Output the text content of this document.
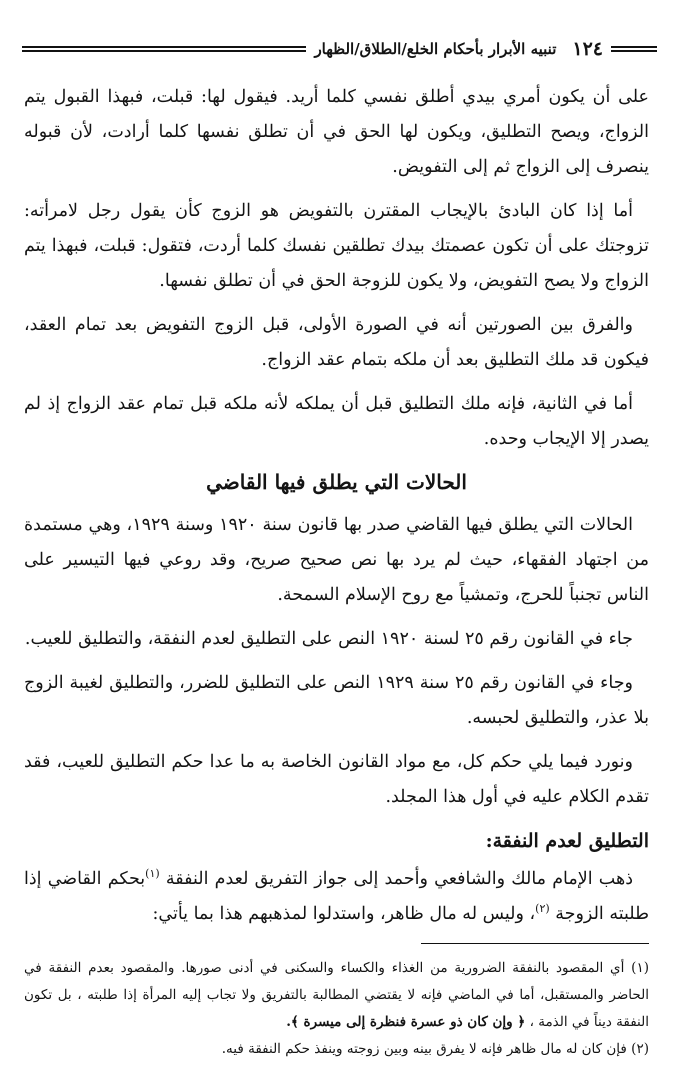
١٢٤
تنبيه الأبرار بأحكام الخلع/الطلاق/الظهار

على أن يكون أمري بيدي أطلق نفسي كلما أريد. فيقول لها: قبلت، فبهذا القبول يتم الزواج، ويصح التطليق، ويكون لها الحق في أن تطلق نفسها كلما أرادت، لأن قبوله ينصرف إلى الزواج ثم إلى التفويض.

أما إذا كان البادئ بالإيجاب المقترن بالتفويض هو الزوج كأن يقول رجل لامرأته: تزوجتك على أن تكون عصمتك بيدك تطلقين نفسك كلما أردت، فتقول: قبلت، فبهذا يتم الزواج ولا يصح التفويض، ولا يكون للزوجة الحق في أن تطلق نفسها.

والفرق بين الصورتين أنه في الصورة الأولى، قبل الزوج التفويض بعد تمام العقد، فيكون قد ملك التطليق بعد أن ملكه بتمام عقد الزواج.

أما في الثانية، فإنه ملك التطليق قبل أن يملكه لأنه ملكه قبل تمام عقد الزواج إذ لم يصدر إلا الإيجاب وحده.

الحالات التي يطلق فيها القاضي

الحالات التي يطلق فيها القاضي صدر بها قانون سنة ١٩٢٠ وسنة ١٩٢٩، وهي مستمدة من اجتهاد الفقهاء، حيث لم يرد بها نص صحيح صريح، وقد روعي فيها التيسير على الناس تجنباً للحرج، وتمشياً مع روح الإسلام السمحة.

جاء في القانون رقم ٢٥ لسنة ١٩٢٠ النص على التطليق لعدم النفقة، والتطليق للعيب.

وجاء في القانون رقم ٢٥ سنة ١٩٢٩ النص على التطليق للضرر، والتطليق لغيبة الزوج بلا عذر، والتطليق لحبسه.

ونورد فيما يلي حكم كل، مع مواد القانون الخاصة به ما عدا حكم التطليق للعيب، فقد تقدم الكلام عليه في أول هذا المجلد.

التطليق لعدم النفقة:

ذهب الإمام مالك والشافعي وأحمد إلى جواز التفريق لعدم النفقة $^{(١)}$بحكم القاضي إذا طلبته الزوجة $^{(٢)}$، وليس له مال ظاهر، واستدلوا لمذهبهم هذا بما يأتي:

(١) أي المقصود بالنفقة الضرورية من الغذاء والكساء والسكنى في أدنى صورها. والمقصود بعدم النفقة في الحاضر والمستقبل، أما في الماضي فإنه لا يقتضي المطالبة بالتفريق ولا تجاب إليه المرأة إذا طلبته ، بل تكون النفقة ديناً في الذمة ، ﴿ وإن كان ذو عسرة فنظرة إلى ميسرة ﴾.

(٢) فإن كان له مال ظاهر فإنه لا يفرق بينه وبين زوجته وينفذ حكم النفقة فيه.
